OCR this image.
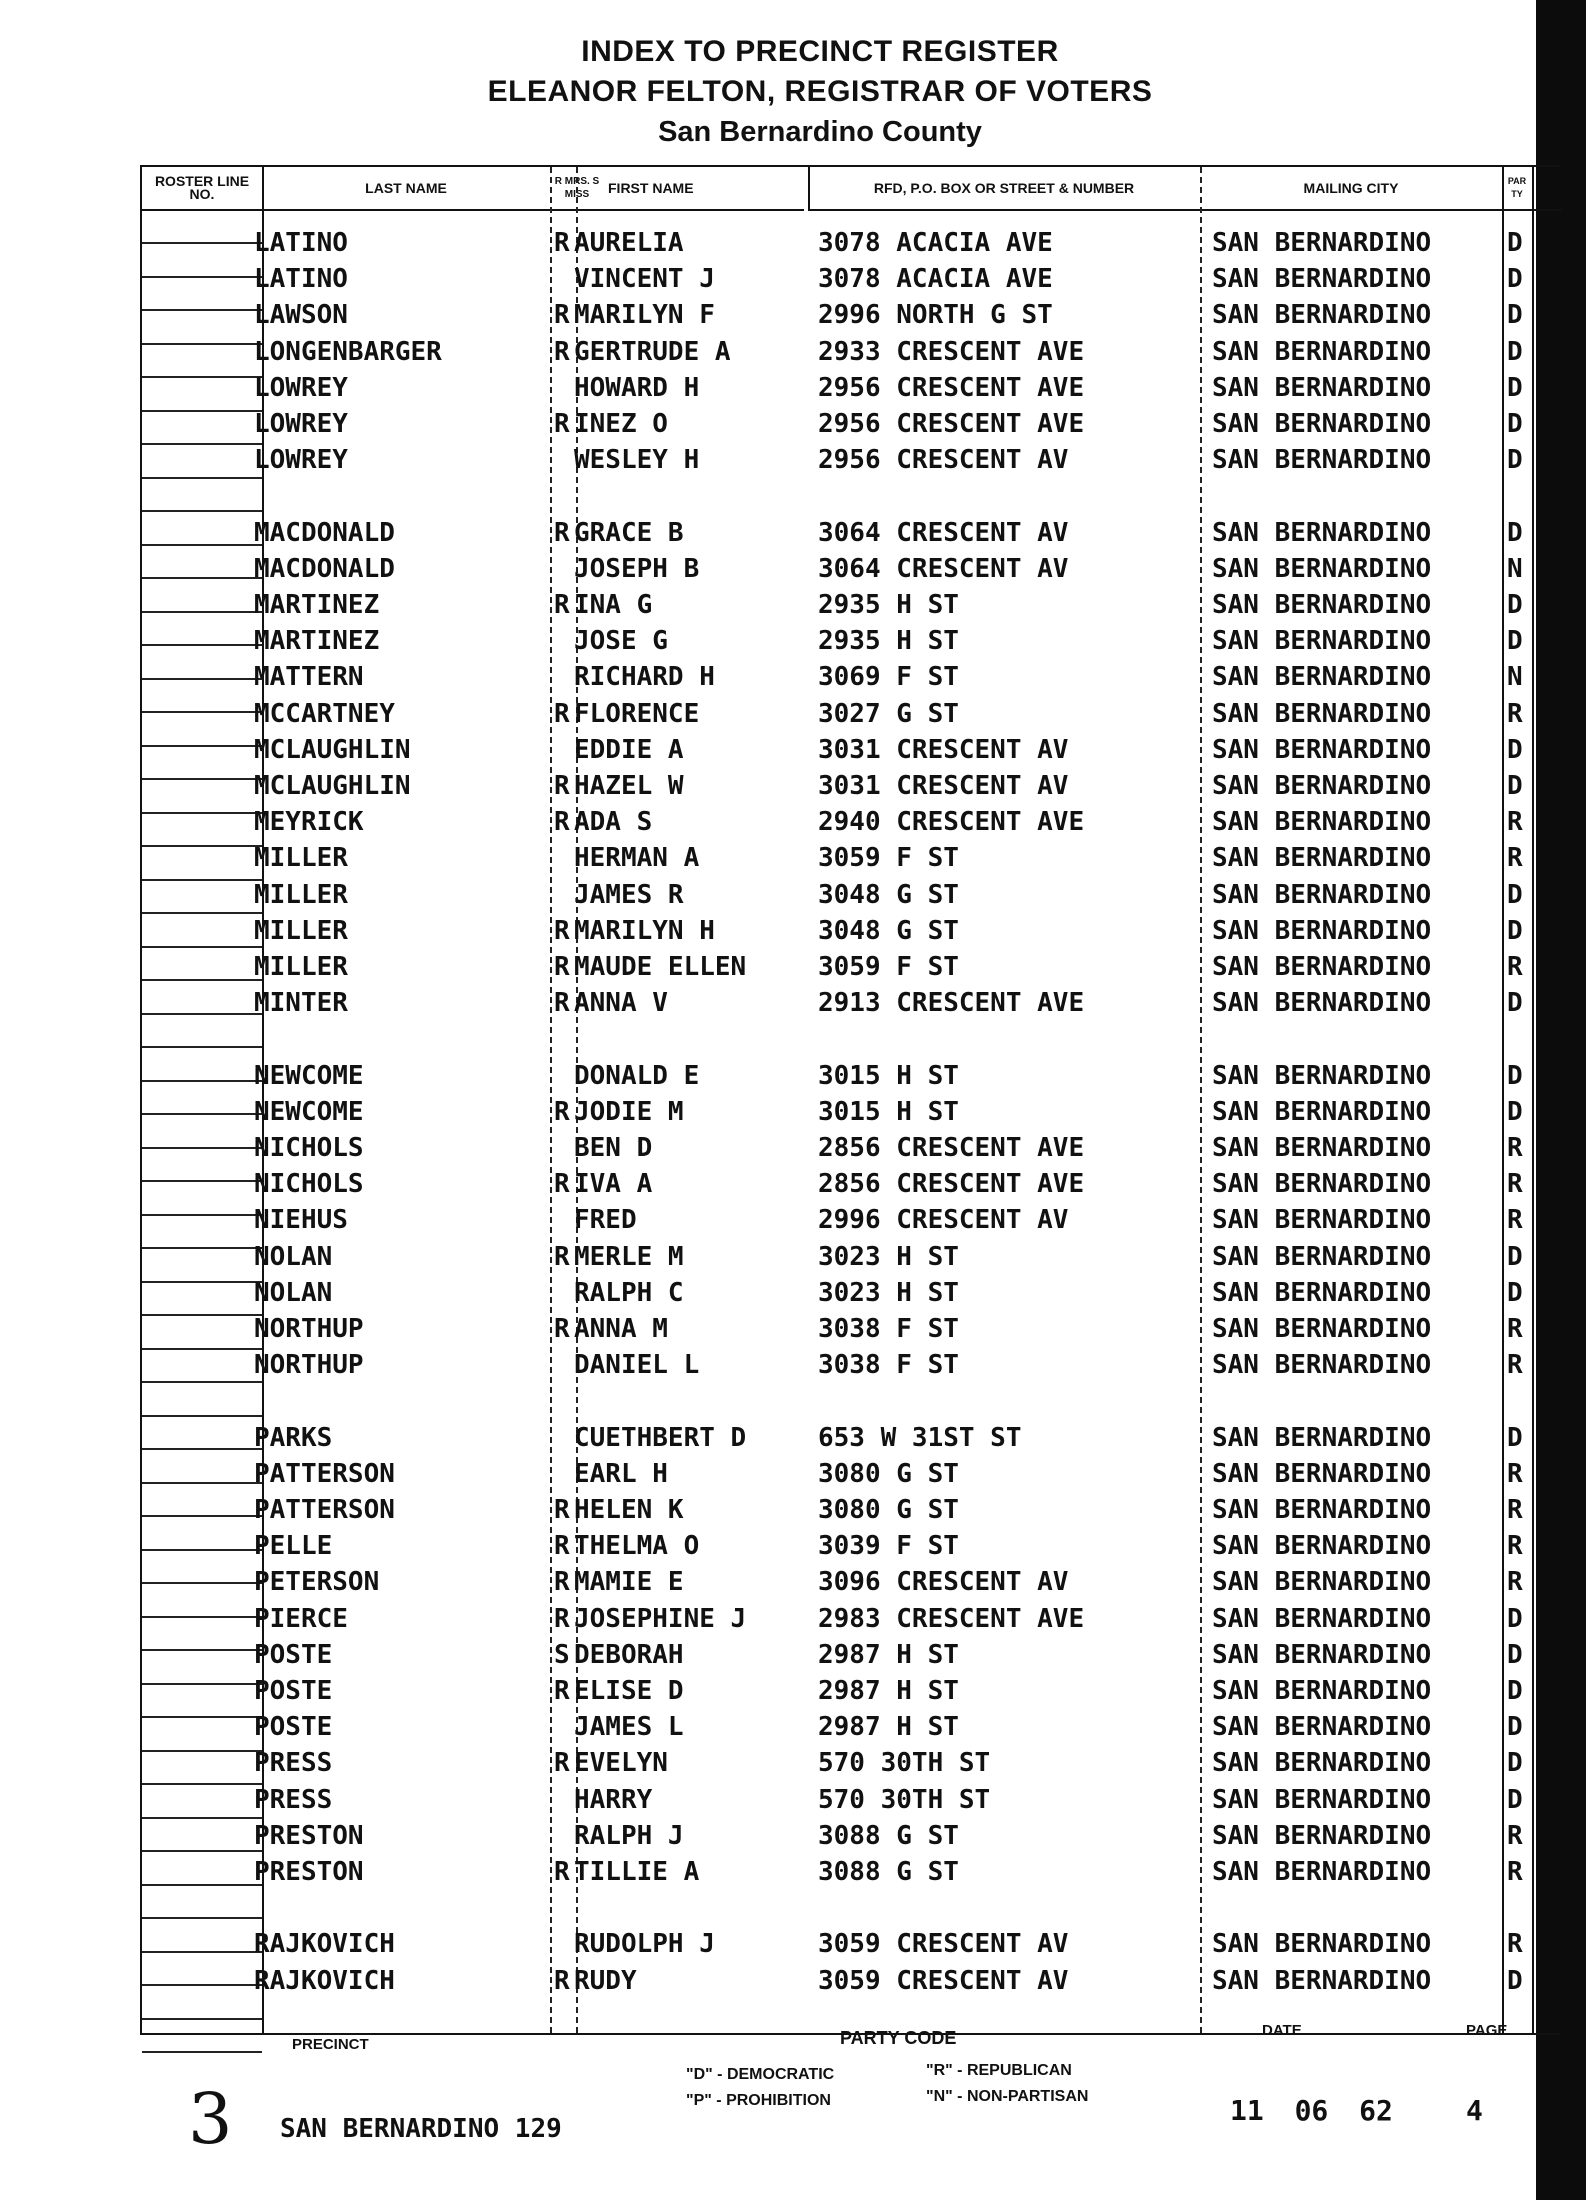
INDEX TO PRECINCT REGISTER
ELEANOR FELTON, REGISTRAR OF VOTERS
San Bernardino County
ROSTER LINE NO.	LAST NAME	R MRS. S MISS	FIRST NAME	RFD, P.O. BOX OR STREET & NUMBER	MAILING CITY	PAR TY
LATINO	R AURELIA	3078 ACACIA AVE	SAN BERNARDINO	D
LATINO	VINCENT J	3078 ACACIA AVE	SAN BERNARDINO	D
LAWSON	R MARILYN F	2996 NORTH G ST	SAN BERNARDINO	D
LONGENBARGER	R GERTRUDE A	2933 CRESCENT AVE	SAN BERNARDINO	D
LOWREY	HOWARD H	2956 CRESCENT AVE	SAN BERNARDINO	D
LOWREY	R INEZ O	2956 CRESCENT AVE	SAN BERNARDINO	D
LOWREY	WESLEY H	2956 CRESCENT AV	SAN BERNARDINO	D
MACDONALD	R GRACE B	3064 CRESCENT AV	SAN BERNARDINO	D
MACDONALD	JOSEPH B	3064 CRESCENT AV	SAN BERNARDINO	N
MARTINEZ	R INA G	2935 H ST	SAN BERNARDINO	D
MARTINEZ	JOSE G	2935 H ST	SAN BERNARDINO	D
MATTERN	RICHARD H	3069 F ST	SAN BERNARDINO	N
MCCARTNEY	R FLORENCE	3027 G ST	SAN BERNARDINO	R
MCLAUGHLIN	EDDIE A	3031 CRESCENT AV	SAN BERNARDINO	D
MCLAUGHLIN	R HAZEL W	3031 CRESCENT AV	SAN BERNARDINO	D
MEYRICK	R ADA S	2940 CRESCENT AVE	SAN BERNARDINO	R
MILLER	HERMAN A	3059 F ST	SAN BERNARDINO	R
MILLER	JAMES R	3048 G ST	SAN BERNARDINO	D
MILLER	R MARILYN H	3048 G ST	SAN BERNARDINO	D
MILLER	R MAUDE ELLEN	3059 F ST	SAN BERNARDINO	R
MINTER	R ANNA V	2913 CRESCENT AVE	SAN BERNARDINO	D
NEWCOME	DONALD E	3015 H ST	SAN BERNARDINO	D
NEWCOME	R JODIE M	3015 H ST	SAN BERNARDINO	D
NICHOLS	BEN D	2856 CRESCENT AVE	SAN BERNARDINO	R
NICHOLS	R IVA A	2856 CRESCENT AVE	SAN BERNARDINO	R
NIEHUS	FRED	2996 CRESCENT AV	SAN BERNARDINO	R
NOLAN	R MERLE M	3023 H ST	SAN BERNARDINO	D
NOLAN	RALPH C	3023 H ST	SAN BERNARDINO	D
NORTHUP	R ANNA M	3038 F ST	SAN BERNARDINO	R
NORTHUP	DANIEL L	3038 F ST	SAN BERNARDINO	R
PARKS	CUETHBERT D	653 W 31ST ST	SAN BERNARDINO	D
PATTERSON	EARL H	3080 G ST	SAN BERNARDINO	R
PATTERSON	R HELEN K	3080 G ST	SAN BERNARDINO	R
PELLE	R THELMA O	3039 F ST	SAN BERNARDINO	R
PETERSON	R MAMIE E	3096 CRESCENT AV	SAN BERNARDINO	R
PIERCE	R JOSEPHINE J	2983 CRESCENT AVE	SAN BERNARDINO	D
POSTE	S DEBORAH	2987 H ST	SAN BERNARDINO	D
POSTE	R ELISE D	2987 H ST	SAN BERNARDINO	D
POSTE	JAMES L	2987 H ST	SAN BERNARDINO	D
PRESS	R EVELYN	570 30TH ST	SAN BERNARDINO	D
PRESS	HARRY	570 30TH ST	SAN BERNARDINO	D
PRESTON	RALPH J	3088 G ST	SAN BERNARDINO	R
PRESTON	R TILLIE A	3088 G ST	SAN BERNARDINO	R
RAJKOVICH	RUDOLPH J	3059 CRESCENT AV	SAN BERNARDINO	R
RAJKOVICH	R RUDY	3059 CRESCENT AV	SAN BERNARDINO	D
PRECINCT	PARTY CODE	DATE	PAGE
3 SAN BERNARDINO 129
"D" - DEMOCRATIC	"R" - REPUBLICAN
"P" - PROHIBITION	"N" - NON-PARTISAN	11 06 62	4
